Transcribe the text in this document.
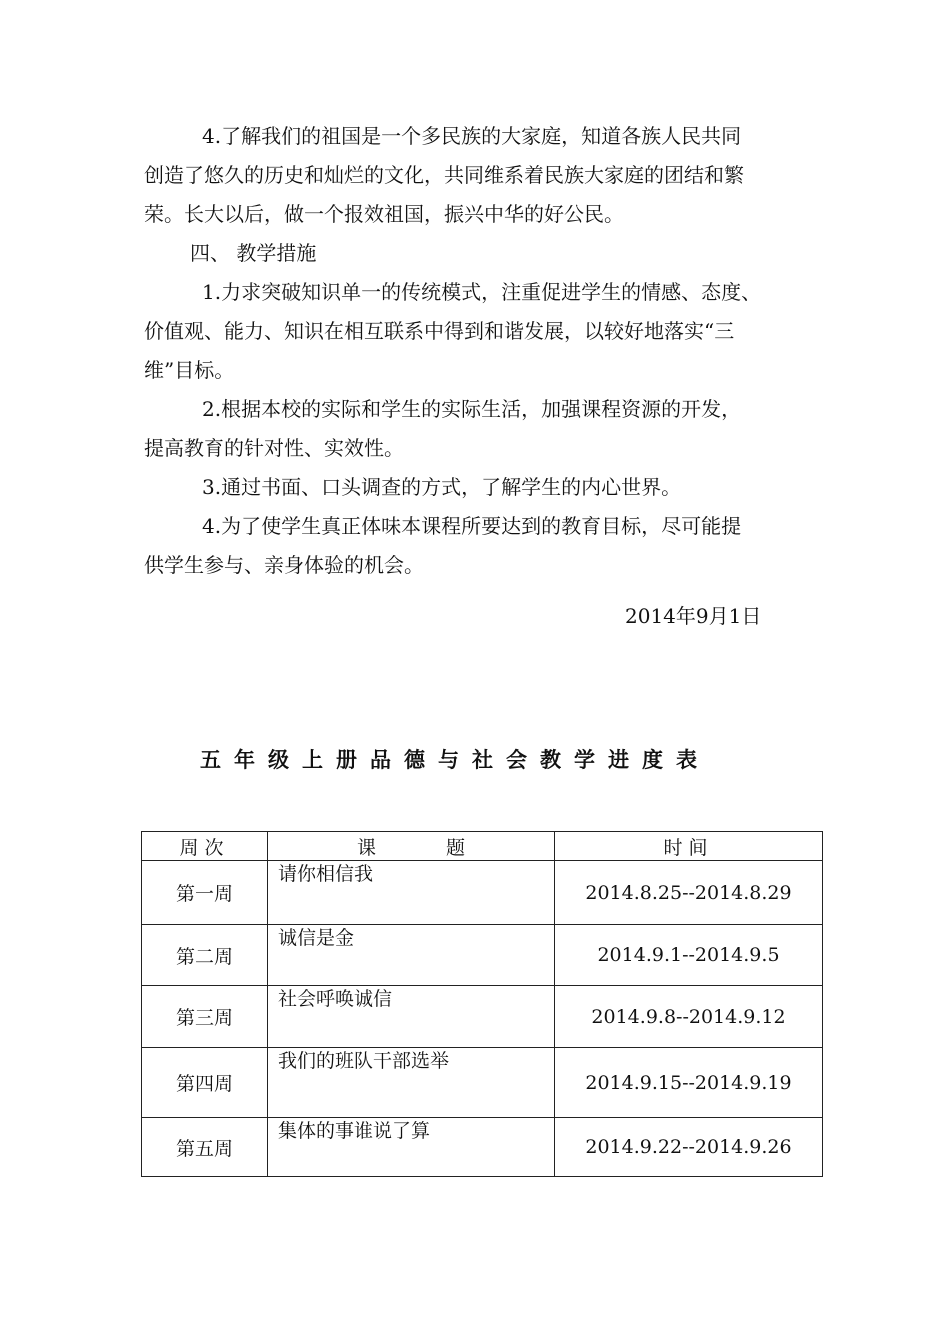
4.了解我们的祖国是一个多民族的大家庭，知道各族人民共同
创造了悠久的历史和灿烂的文化，共同维系着民族大家庭的团结和繁
荣。长大以后，做一个报效祖国，振兴中华的好公民。
四、 教学措施
1.力求突破知识单一的传统模式，注重促进学生的情感、态度、
价值观、能力、知识在相互联系中得到和谐发展，以较好地落实“三
维”目标。
2.根据本校的实际和学生的实际生活，加强课程资源的开发，
提高教育的针对性、实效性。
3.通过书面、口头调查的方式，了解学生的内心世界。
4.为了使学生真正体味本课程所要达到的教育目标，尽可能提
供学生参与、亲身体验的机会。
2014年9月1日
五年级上册品德与社会教学进度表
周次	课 题	时间
第一周	请你相信我	2014.8.25--2014.8.29
第二周	诚信是金	2014.9.1--2014.9.5
第三周	社会呼唤诚信	2014.9.8--2014.9.12
第四周	我们的班队干部选举	2014.9.15--2014.9.19
第五周	集体的事谁说了算	2014.9.22--2014.9.26
